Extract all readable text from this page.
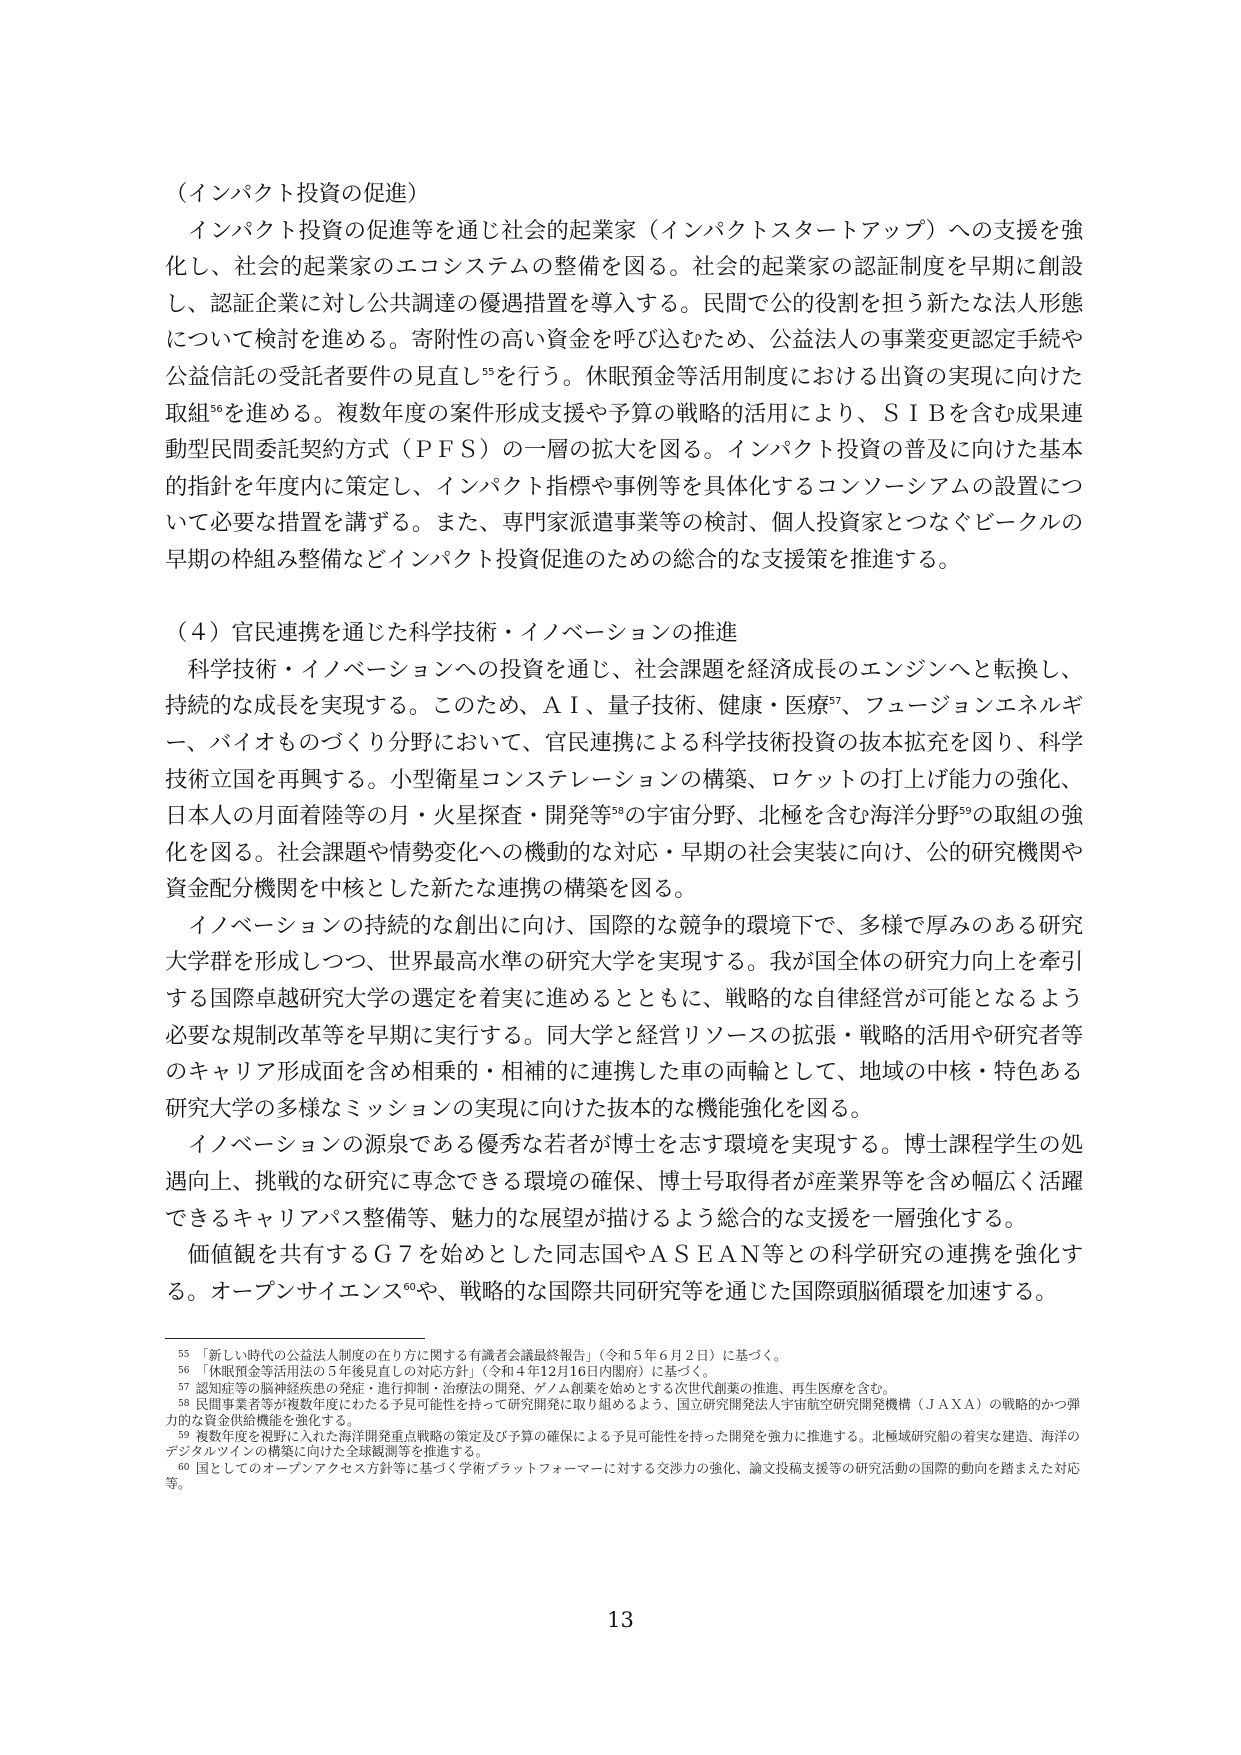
（インパクト投資の促進）

インパクト投資の促進等を通じ社会的起業家（インパクトスタートアップ）への支援を強化し、社会的起業家のエコシステムの整備を図る。社会的起業家の認証制度を早期に創設し、認証企業に対し公共調達の優遇措置を導入する。民間で公的役割を担う新たな法人形態について検討を進める。寄附性の高い資金を呼び込むため、公益法人の事業変更認定手続や公益信託の受託者要件の見直し$^{55}$を行う。休眠預金等活用制度における出資の実現に向けた取組$^{56}$を進める。複数年度の案件形成支援や予算の戦略的活用により、ＳＩＢを含む成果連動型民間委託契約方式（ＰＦＳ）の一層の拡大を図る。インパクト投資の普及に向けた基本的指針を年度内に策定し、インパクト指標や事例等を具体化するコンソーシアムの設置について必要な措置を講ずる。また、専門家派遣事業等の検討、個人投資家とつなぐビークルの早期の枠組み整備などインパクト投資促進のための総合的な支援策を推進する。

（４）官民連携を通じた科学技術・イノベーションの推進

科学技術・イノベーションへの投資を通じ、社会課題を経済成長のエンジンへと転換し、持続的な成長を実現する。このため、ＡＩ、量子技術、健康・医療$^{57}$、フュージョンエネルギー、バイオものづくり分野において、官民連携による科学技術投資の抜本拡充を図り、科学技術立国を再興する。小型衛星コンステレーションの構築、ロケットの打上げ能力の強化、日本人の月面着陸等の月・火星探査・開発等$^{58}$の宇宙分野、北極を含む海洋分野$^{59}$の取組の強化を図る。社会課題や情勢変化への機動的な対応・早期の社会実装に向け、公的研究機関や資金配分機関を中核とした新たな連携の構築を図る。

イノベーションの持続的な創出に向け、国際的な競争的環境下で、多様で厚みのある研究大学群を形成しつつ、世界最高水準の研究大学を実現する。我が国全体の研究力向上を牽引する国際卓越研究大学の選定を着実に進めるとともに、戦略的な自律経営が可能となるよう必要な規制改革等を早期に実行する。同大学と経営リソースの拡張・戦略的活用や研究者等のキャリア形成面を含め相乗的・相補的に連携した車の両輪として、地域の中核・特色ある研究大学の多様なミッションの実現に向けた抜本的な機能強化を図る。

イノベーションの源泉である優秀な若者が博士を志す環境を実現する。博士課程学生の処遇向上、挑戦的な研究に専念できる環境の確保、博士号取得者が産業界等を含め幅広く活躍できるキャリアパス整備等、魅力的な展望が描けるよう総合的な支援を一層強化する。

価値観を共有するＧ７を始めとした同志国やＡＳＥＡＮ等との科学研究の連携を強化する。オープンサイエンス$^{60}$や、戦略的な国際共同研究等を通じた国際頭脳循環を加速する。

$^{55}$ 「新しい時代の公益法人制度の在り方に関する有識者会議最終報告」（令和５年６月２日）に基づく。

$^{56}$ 「休眠預金等活用法の５年後見直しの対応方針」（令和４年12月16日内閣府）に基づく。

$^{57}$ 認知症等の脳神経疾患の発症・進行抑制・治療法の開発、ゲノム創薬を始めとする次世代創薬の推進、再生医療を含む。

$^{58}$ 民間事業者等が複数年度にわたる予見可能性を持って研究開発に取り組めるよう、国立研究開発法人宇宙航空研究開発機構（ＪＡＸＡ）の戦略的かつ弾力的な資金供給機能を強化する。

$^{59}$ 複数年度を視野に入れた海洋開発重点戦略の策定及び予算の確保による予見可能性を持った開発を強力に推進する。北極域研究船の着実な建造、海洋のデジタルツインの構築に向けた全球観測等を推進する。

$^{60}$ 国としてのオープンアクセス方針等に基づく学術プラットフォーマーに対する交渉力の強化、論文投稿支援等の研究活動の国際的動向を踏まえた対応等。

13
